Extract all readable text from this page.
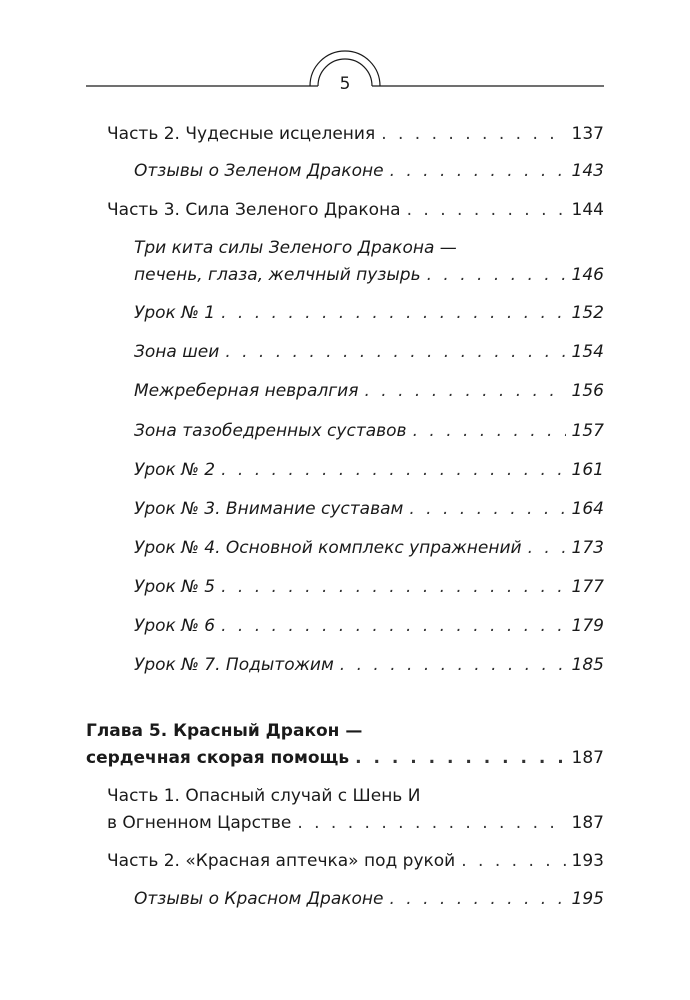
5
Часть 2. Чудесные исцеления . . .	137
Отзывы о Зеленом Драконе . . .	143
Часть 3. Сила Зеленого Дракона . . .	144
Три кита силы Зеленого Дракона —
печень, глаза, желчный пузырь . . .	146
Урок № 1 . . .	152
Зона шеи . . .	154
Межреберная невралгия . . .	156
Зона тазобедренных суставов . . .	157
Урок № 2 . . .	161
Урок № 3. Внимание суставам . . .	164
Урок № 4. Основной комплекс упражнений . . .	173
Урок № 5 . . .	177
Урок № 6 . . .	179
Урок № 7. Подытожим . . .	185
Глава 5. Красный Дракон —
сердечная скорая помощь . . .	187
Часть 1. Опасный случай с Шень И
в Огненном Царстве . . .	187
Часть 2. «Красная аптечка» под рукой . . .	193
Отзывы о Красном Драконе . . .	195
